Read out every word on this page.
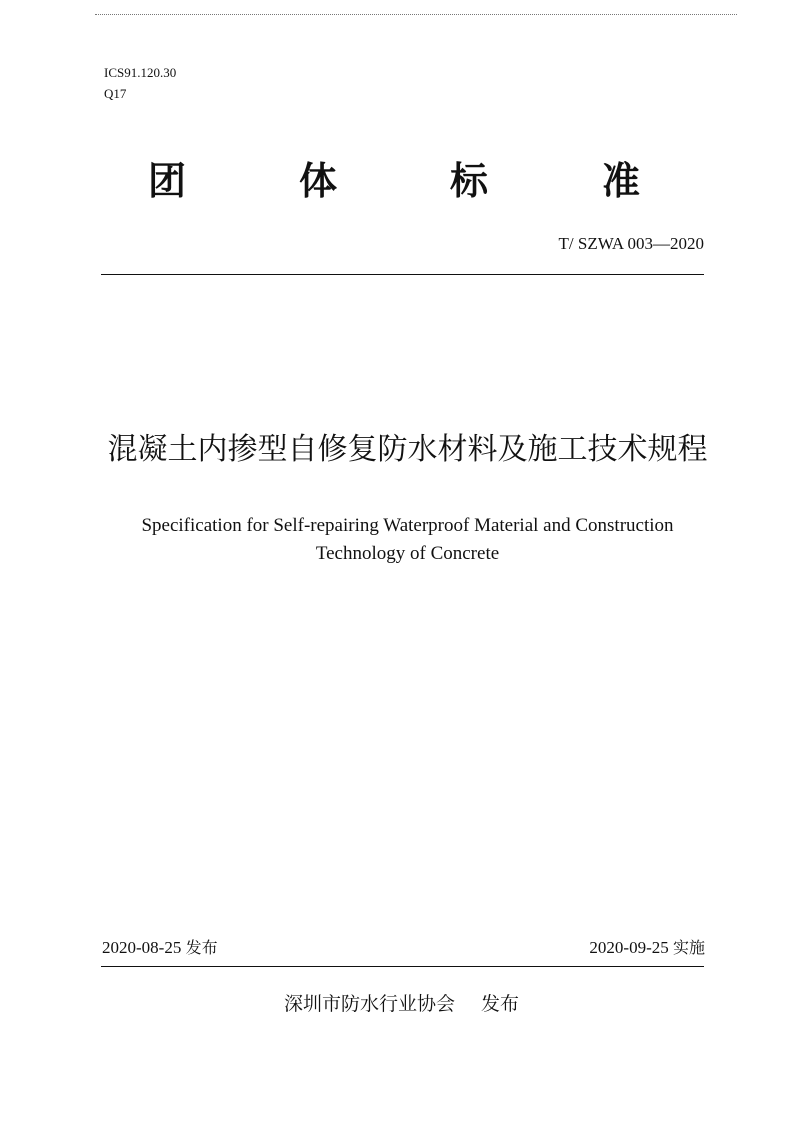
ICS91.120.30
Q17
团	体	标	准
T/ SZWA 003—2020
混凝土内掺型自修复防水材料及施工技术规程
Specification for Self-repairing Waterproof Material and Construction
Technology of Concrete
2020-08-25 发布	2020-09-25 实施
深圳市防水行业协会 发布
